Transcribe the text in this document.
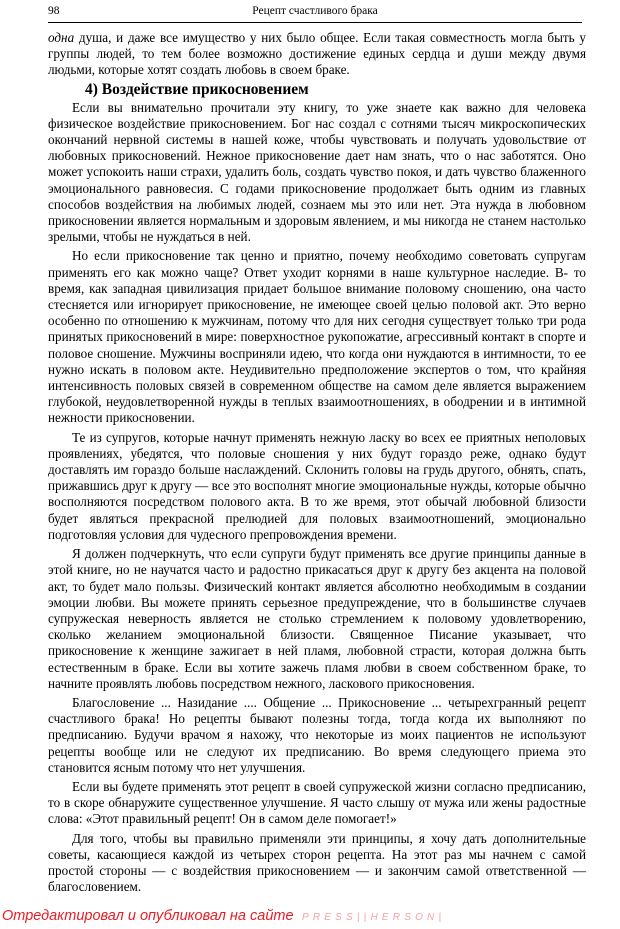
98	Рецепт счастливого брака

одна душа, и даже все имущество у них было общее. Если такая совместность могла быть у группы людей, то тем более возможно достижение единых сердца и души между двумя людьми, которые хотят создать любовь в своем браке.

4) Воздействие прикосновением

Если вы внимательно прочитали эту книгу, то уже знаете как важно для человека физическое воздействие прикосновением. Бог нас создал с сотнями тысяч микроскопических окончаний нервной системы в нашей коже, чтобы чувствовать и получать удовольствие от любовных прикосновений. Нежное прикосновение дает нам знать, что о нас заботятся. Оно может успокоить наши страхи, удалить боль, создать чувство покоя, и дать чувство блаженного эмоционального равновесия. С годами прикосновение продолжает быть одним из главных способов воздействия на любимых людей, сознаем мы это или нет. Эта нужда в любовном прикосновении является нормальным и здоровым явлением, и мы никогда не станем настолько зрелыми, чтобы не нуждаться в ней.

Но если прикосновение так ценно и приятно, почему необходимо советовать супругам применять его как можно чаще? Ответ уходит корнями в наше культурное наследие. В- то время, как западная цивилизация придает большое внимание половому сношению, она часто стесняется или игнорирует прикосновение, не имеющее своей целью половой акт. Это верно особенно по отношению к мужчинам, потому что для них сегодня существует только три рода принятых прикосновений в мире: поверхностное рукопожатие, агрессивный контакт в спорте и половое сношение. Мужчины восприняли идею, что когда они нуждаются в интимности, то ее нужно искать в половом акте. Неудивительно предположение экспертов о том, что крайняя интенсивность половых связей в современном обществе на самом деле является выражением глубокой, неудовлетворенной нужды в теплых взаимоотношениях, в ободрении и в интимной нежности прикосновении.

Те из супругов, которые начнут применять нежную ласку во всех ее приятных неполовых проявлениях, убедятся, что половые сношения у них будут гораздо реже, однако будут доставлять им гораздо больше наслаждений. Склонить головы на грудь другого, обнять, спать, прижавшись друг к другу — все это восполнят многие эмоциональные нужды, которые обычно восполняются посредством полового акта. В то же время, этот обычай любовной близости будет являться прекрасной прелюдией для половых взаимоотношений, эмоционально подготовляя условия для чудесного препровождения времени.

Я должен подчеркнуть, что если супруги будут применять все другие принципы данные в этой книге, но не научатся часто и радостно прикасаться друг к другу без акцента на половой акт, то будет мало пользы. Физический контакт является абсолютно необходимым в создании эмоции любви. Вы можете принять серьезное предупреждение, что в большинстве случаев супружеская неверность является не столько стремлением к половому удовлетворению, сколько желанием эмоциональной близости. Священное Писание указывает, что прикосновение к женщине зажигает в ней пламя, любовной страсти, которая должна быть естественным в браке. Если вы хотите зажечь пламя любви в своем собственном браке, то начните проявлять любовь посредством нежного, ласкового прикосновения.

Благословение ... Назидание .... Общение ... Прикосновение ... четырехгранный рецепт счастливого брака! Но рецепты бывают полезны тогда, тогда когда их выполняют по предписанию. Будучи врачом я нахожу, что некоторые из моих пациентов не используют рецепты вообще или не следуют их предписанию. Во время следующего приема это становится ясным потому что нет улучшения.

Если вы будете применять этот рецепт в своей супружеской жизни согласно предписанию, то в скоре обнаружите существенное улучшение. Я часто слышу от мужа или жены радостные слова: «Этот правильный рецепт! Он в самом деле помогает!»

Для того, чтобы вы правильно применяли эти принципы, я хочу дать дополнительные советы, касающиеся каждой из четырех сторон рецепта. На этот раз мы начнем с самой простой стороны — с воздействия прикосновением — и закончим самой ответственной — благословением.

Отредактировал и опубликовал на сайте PRESS||HERSON|
